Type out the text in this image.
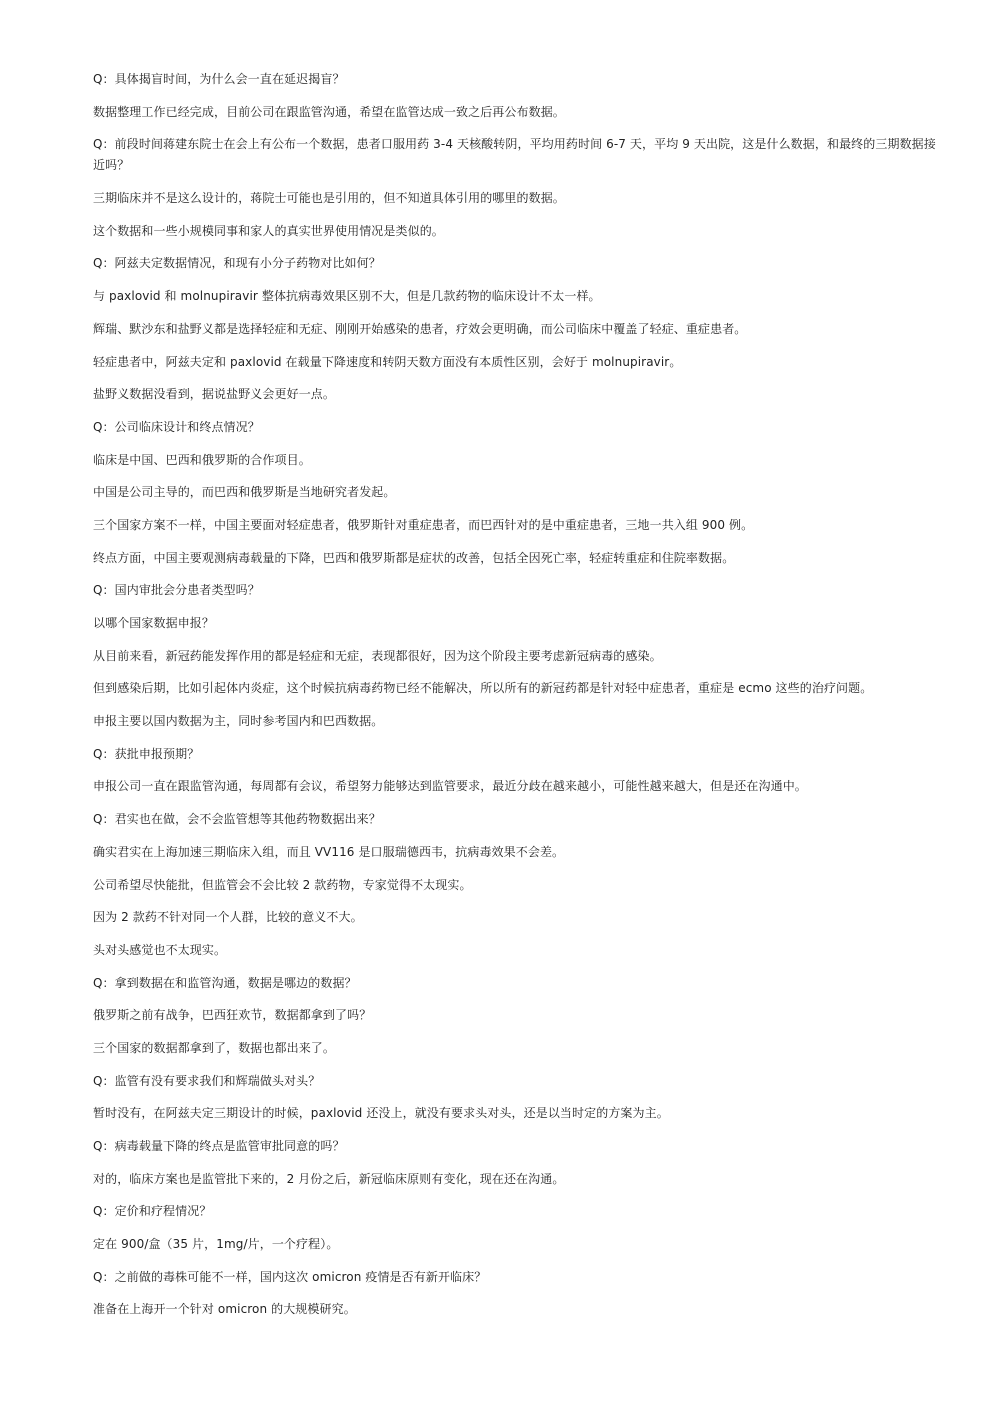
Q：具体揭盲时间，为什么会一直在延迟揭盲？

数据整理工作已经完成，目前公司在跟监管沟通，希望在监管达成一致之后再公布数据。

Q：前段时间蒋建东院士在会上有公布一个数据，患者口服用药 3-4 天核酸转阴，平均用药时间 6-7 天，平均 9 天出院，这是什么数据，和最终的三期数据接近吗？

三期临床并不是这么设计的，蒋院士可能也是引用的，但不知道具体引用的哪里的数据。

这个数据和一些小规模同事和家人的真实世界使用情况是类似的。

Q：阿兹夫定数据情况，和现有小分子药物对比如何？

与 paxlovid 和 molnupiravir 整体抗病毒效果区别不大，但是几款药物的临床设计不太一样。

辉瑞、默沙东和盐野义都是选择轻症和无症、刚刚开始感染的患者，疗效会更明确，而公司临床中覆盖了轻症、重症患者。

轻症患者中，阿兹夫定和 paxlovid 在载量下降速度和转阴天数方面没有本质性区别，会好于 molnupiravir。

盐野义数据没看到，据说盐野义会更好一点。

Q：公司临床设计和终点情况？

临床是中国、巴西和俄罗斯的合作项目。

中国是公司主导的，而巴西和俄罗斯是当地研究者发起。

三个国家方案不一样，中国主要面对轻症患者，俄罗斯针对重症患者，而巴西针对的是中重症患者，三地一共入组 900 例。

终点方面，中国主要观测病毒载量的下降，巴西和俄罗斯都是症状的改善，包括全因死亡率，轻症转重症和住院率数据。

Q：国内审批会分患者类型吗？

以哪个国家数据申报？

从目前来看，新冠药能发挥作用的都是轻症和无症，表现都很好，因为这个阶段主要考虑新冠病毒的感染。

但到感染后期，比如引起体内炎症，这个时候抗病毒药物已经不能解决，所以所有的新冠药都是针对轻中症患者，重症是 ecmo 这些的治疗问题。

申报主要以国内数据为主，同时参考国内和巴西数据。

Q：获批申报预期？

申报公司一直在跟监管沟通，每周都有会议，希望努力能够达到监管要求，最近分歧在越来越小，可能性越来越大，但是还在沟通中。

Q：君实也在做，会不会监管想等其他药物数据出来？

确实君实在上海加速三期临床入组，而且 VV116 是口服瑞德西韦，抗病毒效果不会差。

公司希望尽快能批，但监管会不会比较 2 款药物，专家觉得不太现实。

因为 2 款药不针对同一个人群，比较的意义不大。

头对头感觉也不太现实。

Q：拿到数据在和监管沟通，数据是哪边的数据？

俄罗斯之前有战争，巴西狂欢节，数据都拿到了吗？

三个国家的数据都拿到了，数据也都出来了。

Q：监管有没有要求我们和辉瑞做头对头？

暂时没有，在阿兹夫定三期设计的时候，paxlovid 还没上，就没有要求头对头，还是以当时定的方案为主。

Q：病毒载量下降的终点是监管审批同意的吗？

对的，临床方案也是监管批下来的，2 月份之后，新冠临床原则有变化，现在还在沟通。

Q：定价和疗程情况？

定在 900/盒（35 片，1mg/片，一个疗程）。

Q：之前做的毒株可能不一样，国内这次 omicron 疫情是否有新开临床？

准备在上海开一个针对 omicron 的大规模研究。
